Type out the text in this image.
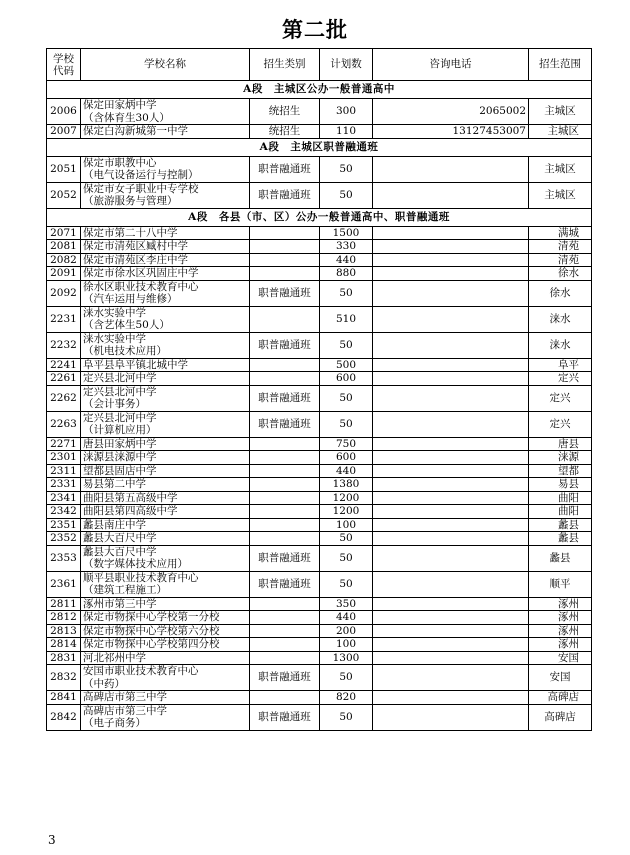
第二批
学校
代码	学校名称	招生类别	计划数	咨询电话	招生范围
A段　主城区公办一般普通高中					
2006	保定田家炳中学
（含体育生30人）	统招生	300	2065002	主城区
2007	保定白沟新城第一中学	统招生	110	13127453007	主城区
A段　主城区职普融通班					
2051	保定市职教中心
（电气设备运行与控制）	职普融通班	50		主城区
2052	保定市女子职业中专学校
（旅游服务与管理）	职普融通班	50		主城区
A段　各县（市、区）公办一般普通高中、职普融通班					
2071	保定市第二十八中学		1500		满城
2081	保定市清苑区臧村中学		330		清苑
2082	保定市清苑区李庄中学		440		清苑
2091	保定市徐水区巩固庄中学		880		徐水
2092	徐水区职业技术教育中心
（汽车运用与维修）	职普融通班	50		徐水
2231	涞水实验中学
（含艺体生50人）		510		涞水
2232	涞水实验中学
（机电技术应用）	职普融通班	50		涞水
2241	阜平县阜平镇北城中学		500		阜平
2261	定兴县北河中学		600		定兴
2262	定兴县北河中学
（会计事务）	职普融通班	50		定兴
2263	定兴县北河中学
（计算机应用）	职普融通班	50		定兴
2271	唐县田家炳中学		750		唐县
2301	涞源县涞源中学		600		涞源
2311	望都县固店中学		440		望都
2331	易县第二中学		1380		易县
2341	曲阳县第五高级中学		1200		曲阳
2342	曲阳县第四高级中学		1200		曲阳
2351	蠡县南庄中学		100		蠡县
2352	蠡县大百尺中学		50		蠡县
2353	蠡县大百尺中学
（数字媒体技术应用）	职普融通班	50		蠡县
2361	顺平县职业技术教育中心
（建筑工程施工）	职普融通班	50		顺平
2811	涿州市第三中学		350		涿州
2812	保定市物探中心学校第一分校		440		涿州
2813	保定市物探中心学校第六分校		200		涿州
2814	保定市物探中心学校第四分校		100		涿州
2831	河北祁州中学		1300		安国
2832	安国市职业技术教育中心
（中药）	职普融通班	50		安国
2841	高碑店市第三中学		820		高碑店
2842	高碑店市第三中学
（电子商务）	职普融通班	50		高碑店
3
